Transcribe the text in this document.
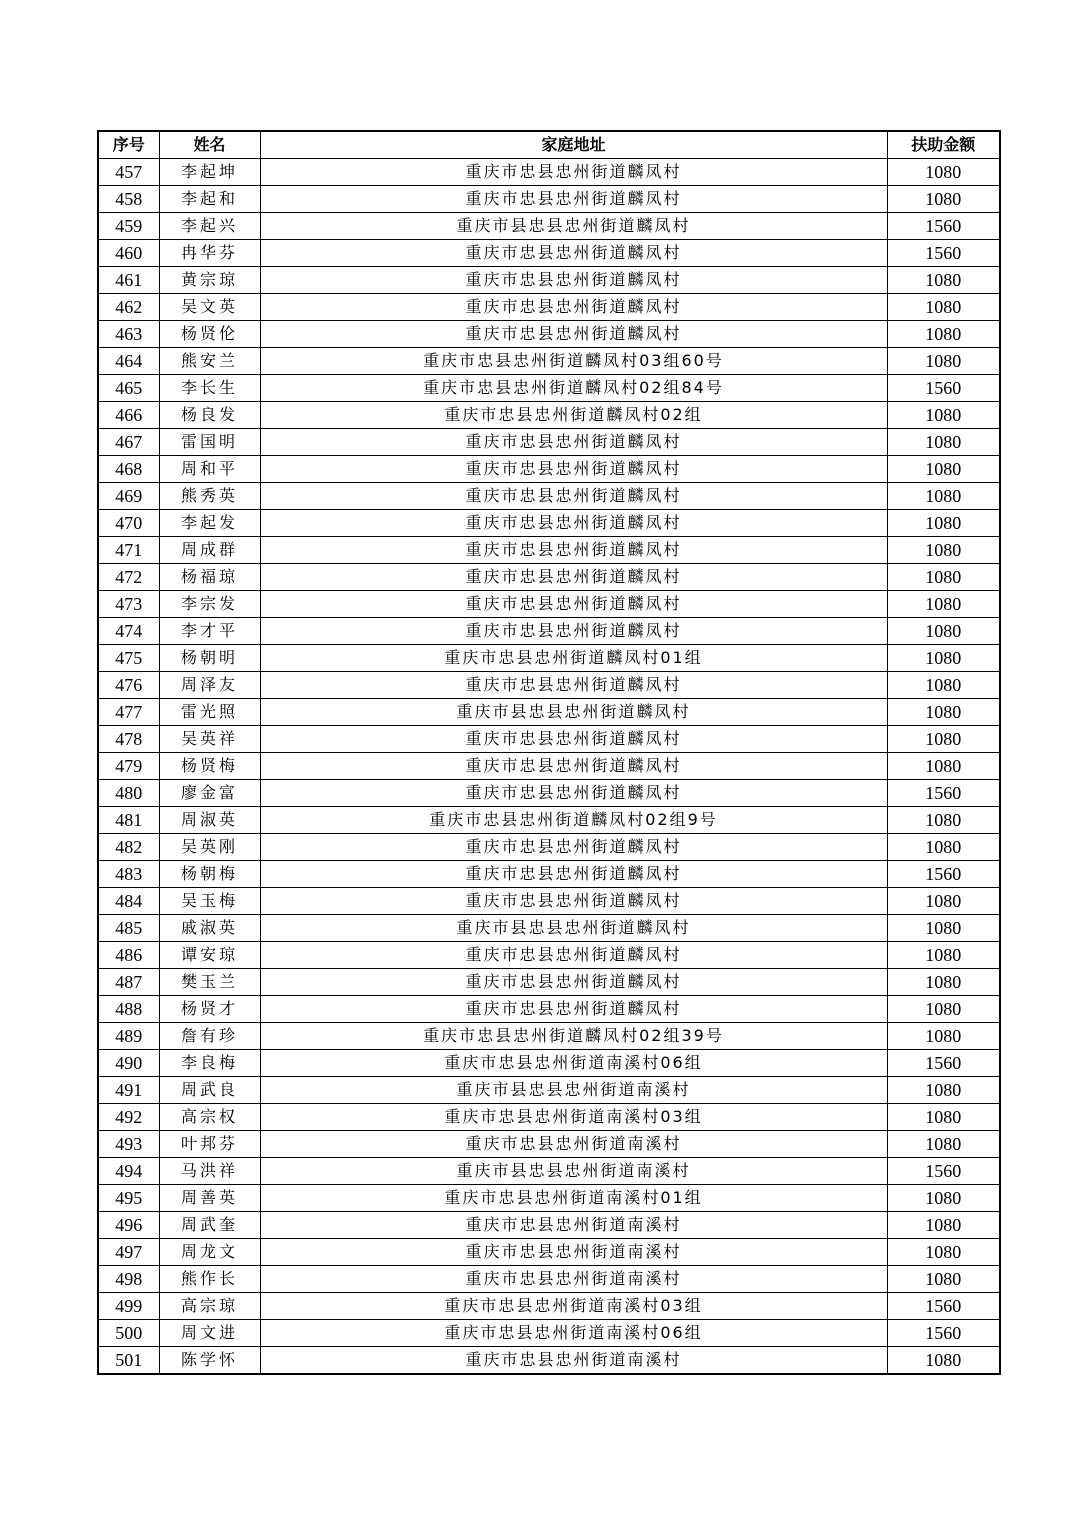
序号	姓名	家庭地址	扶助金额
457	李起坤	重庆市忠县忠州街道麟凤村	1080
458	李起和	重庆市忠县忠州街道麟凤村	1080
459	李起兴	重庆市县忠县忠州街道麟凤村	1560
460	冉华芬	重庆市忠县忠州街道麟凤村	1560
461	黄宗琼	重庆市忠县忠州街道麟凤村	1080
462	吴文英	重庆市忠县忠州街道麟凤村	1080
463	杨贤伦	重庆市忠县忠州街道麟凤村	1080
464	熊安兰	重庆市忠县忠州街道麟凤村03组60号	1080
465	李长生	重庆市忠县忠州街道麟凤村02组84号	1560
466	杨良发	重庆市忠县忠州街道麟凤村02组	1080
467	雷国明	重庆市忠县忠州街道麟凤村	1080
468	周和平	重庆市忠县忠州街道麟凤村	1080
469	熊秀英	重庆市忠县忠州街道麟凤村	1080
470	李起发	重庆市忠县忠州街道麟凤村	1080
471	周成群	重庆市忠县忠州街道麟凤村	1080
472	杨福琼	重庆市忠县忠州街道麟凤村	1080
473	李宗发	重庆市忠县忠州街道麟凤村	1080
474	李才平	重庆市忠县忠州街道麟凤村	1080
475	杨朝明	重庆市忠县忠州街道麟凤村01组	1080
476	周泽友	重庆市忠县忠州街道麟凤村	1080
477	雷光照	重庆市县忠县忠州街道麟凤村	1080
478	吴英祥	重庆市忠县忠州街道麟凤村	1080
479	杨贤梅	重庆市忠县忠州街道麟凤村	1080
480	廖金富	重庆市忠县忠州街道麟凤村	1560
481	周淑英	重庆市忠县忠州街道麟凤村02组9号	1080
482	吴英刚	重庆市忠县忠州街道麟凤村	1080
483	杨朝梅	重庆市忠县忠州街道麟凤村	1560
484	吴玉梅	重庆市忠县忠州街道麟凤村	1080
485	戚淑英	重庆市县忠县忠州街道麟凤村	1080
486	谭安琼	重庆市忠县忠州街道麟凤村	1080
487	樊玉兰	重庆市忠县忠州街道麟凤村	1080
488	杨贤才	重庆市忠县忠州街道麟凤村	1080
489	詹有珍	重庆市忠县忠州街道麟凤村02组39号	1080
490	李良梅	重庆市忠县忠州街道南溪村06组	1560
491	周武良	重庆市县忠县忠州街道南溪村	1080
492	高宗权	重庆市忠县忠州街道南溪村03组	1080
493	叶邦芬	重庆市忠县忠州街道南溪村	1080
494	马洪祥	重庆市县忠县忠州街道南溪村	1560
495	周善英	重庆市忠县忠州街道南溪村01组	1080
496	周武奎	重庆市忠县忠州街道南溪村	1080
497	周龙文	重庆市忠县忠州街道南溪村	1080
498	熊作长	重庆市忠县忠州街道南溪村	1080
499	高宗琼	重庆市忠县忠州街道南溪村03组	1560
500	周文进	重庆市忠县忠州街道南溪村06组	1560
501	陈学怀	重庆市忠县忠州街道南溪村	1080
